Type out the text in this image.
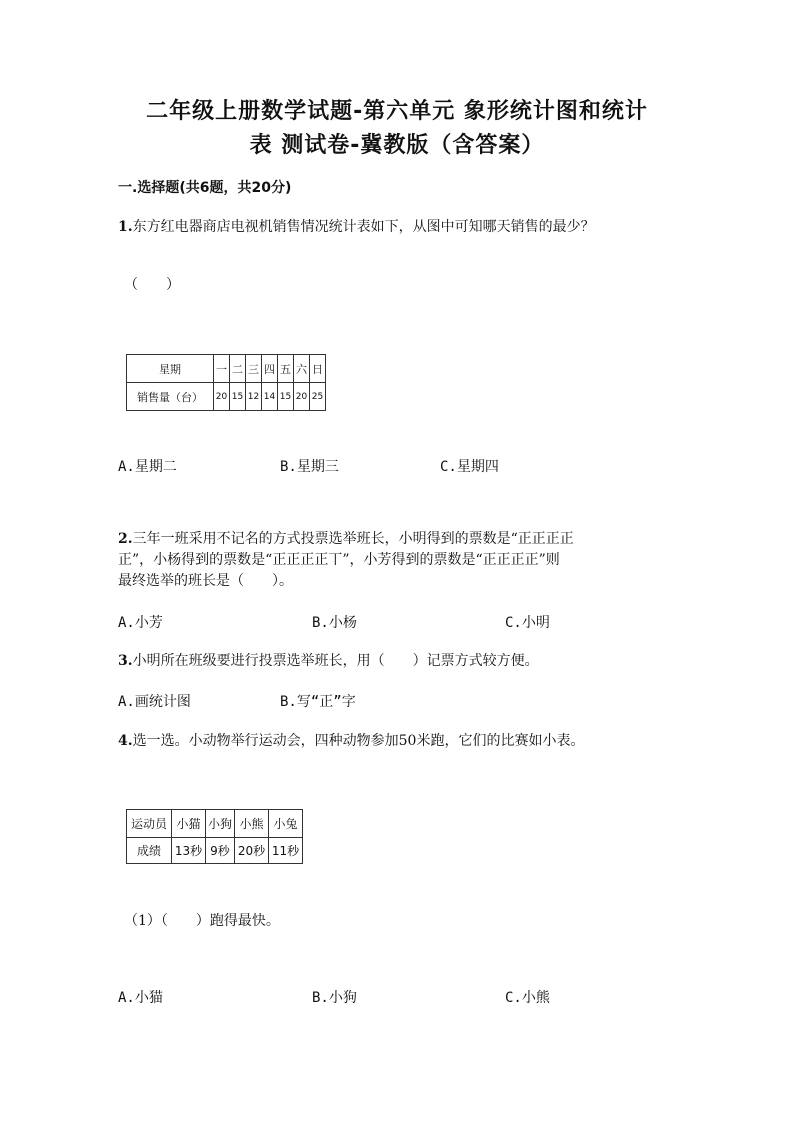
二年级上册数学试题-第六单元 象形统计图和统计
表 测试卷-冀教版（含答案）
一.选择题(共6题，共20分)
1.东方红电器商店电视机销售情况统计表如下，从图中可知哪天销售的最少？
（　　）
星期	一	二	三	四	五	六	日
销售量（台）	20	15	12	14	15	20	25
A.星期二	B.星期三	C.星期四
2.三年一班采用不记名的方式投票选举班长，小明得到的票数是“正正正正
正”，小杨得到的票数是“正正正正丅”，小芳得到的票数是“正正正正”则
最终选举的班长是（　　）。
A.小芳	B.小杨	C.小明
3.小明所在班级要进行投票选举班长，用（　　）记票方式较方便。
A.画统计图	B.写“正”字
4.选一选。小动物举行运动会，四种动物参加50米跑，它们的比赛如小表。
运动员	小猫	小狗	小熊	小兔
成绩	13秒	9秒	20秒	11秒
（1）（　　）跑得最快。
A.小猫	B.小狗	C.小熊
